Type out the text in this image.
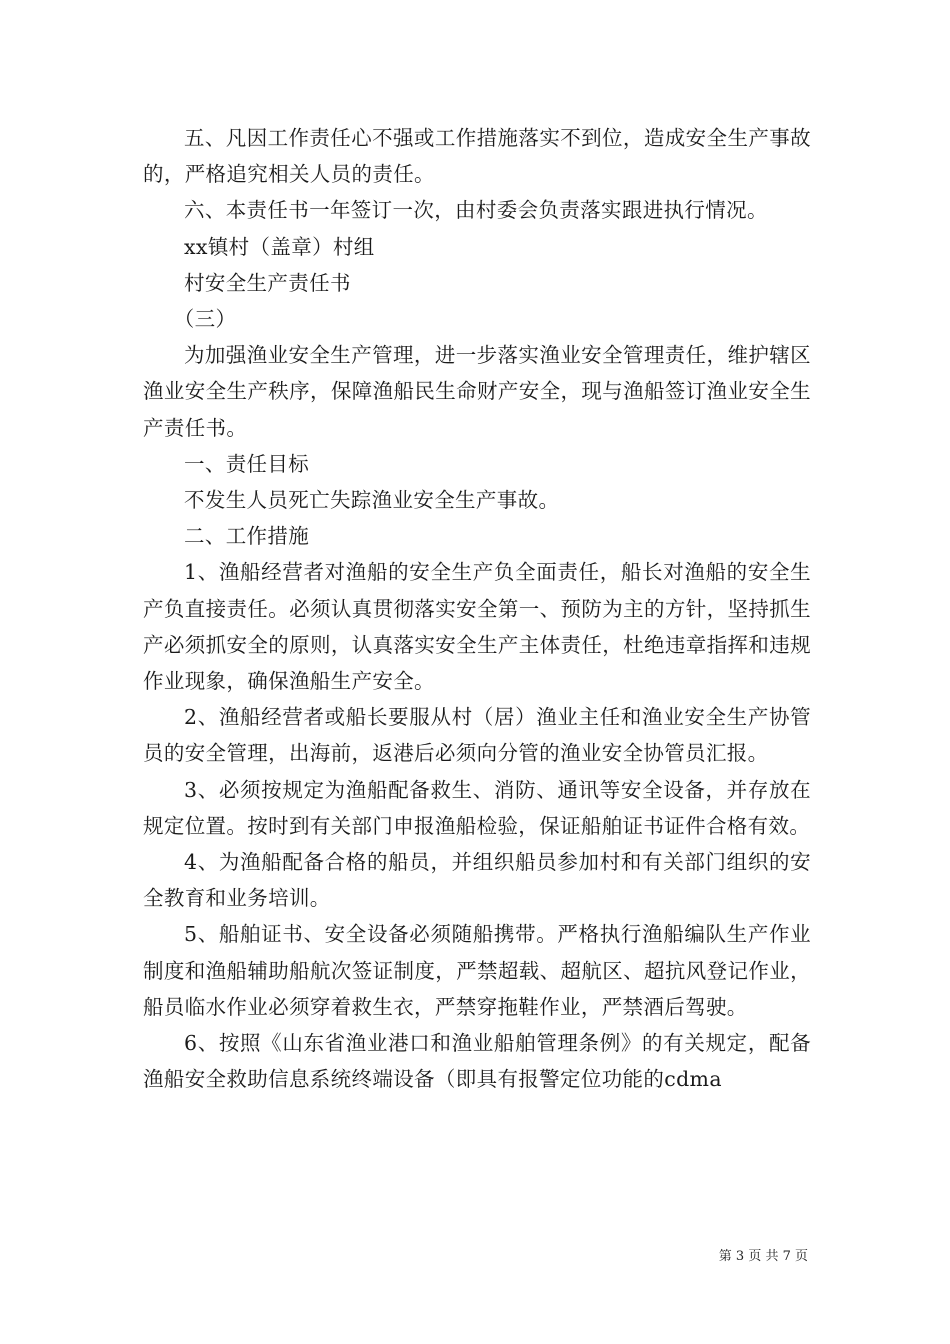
五、凡因工作责任心不强或工作措施落实不到位，造成安全生产事故的，严格追究相关人员的责任。

六、本责任书一年签订一次，由村委会负责落实跟进执行情况。

xx镇村（盖章）村组

村安全生产责任书

（三）

为加强渔业安全生产管理，进一步落实渔业安全管理责任，维护辖区渔业安全生产秩序，保障渔船民生命财产安全，现与渔船签订渔业安全生产责任书。

一、责任目标

不发生人员死亡失踪渔业安全生产事故。

二、工作措施

1、渔船经营者对渔船的安全生产负全面责任，船长对渔船的安全生产负直接责任。必须认真贯彻落实安全第一、预防为主的方针，坚持抓生产必须抓安全的原则，认真落实安全生产主体责任，杜绝违章指挥和违规作业现象，确保渔船生产安全。

2、渔船经营者或船长要服从村（居）渔业主任和渔业安全生产协管员的安全管理，出海前，返港后必须向分管的渔业安全协管员汇报。

3、必须按规定为渔船配备救生、消防、通讯等安全设备，并存放在规定位置。按时到有关部门申报渔船检验，保证船舶证书证件合格有效。

4、为渔船配备合格的船员，并组织船员参加村和有关部门组织的安全教育和业务培训。

5、船舶证书、安全设备必须随船携带。严格执行渔船编队生产作业制度和渔船辅助船航次签证制度，严禁超载、超航区、超抗风登记作业，船员临水作业必须穿着救生衣，严禁穿拖鞋作业，严禁酒后驾驶。

6、按照《山东省渔业港口和渔业船舶管理条例》的有关规定，配备渔船安全救助信息系统终端设备（即具有报警定位功能的cdma

第 3 页 共 7 页
